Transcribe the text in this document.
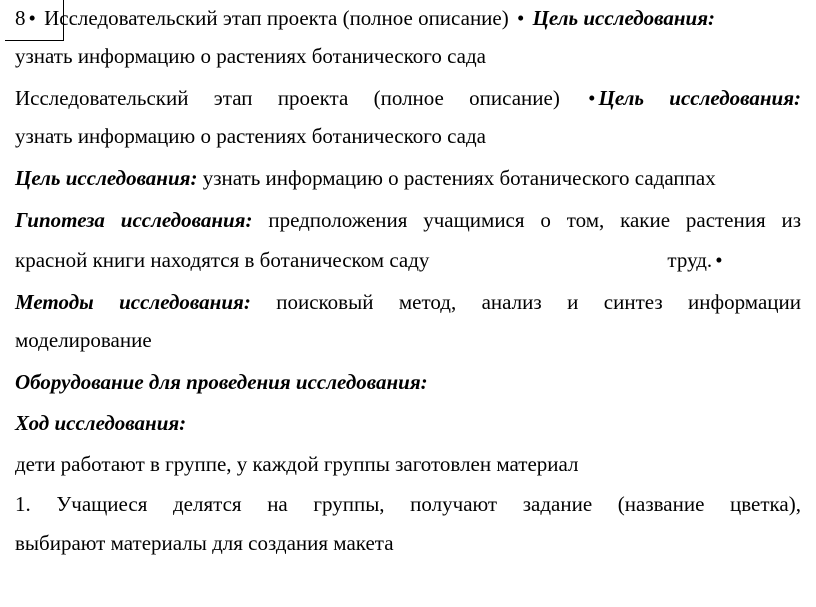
8 • Исследовательский этап проекта (полное описание) • Цель исследования:
узнать информацию о растениях ботанического сада
Исследовательский этап проекта (полное описание) • Цель исследования:
узнать информацию о растениях ботанического сада
Цель исследования: узнать информацию о растениях ботанического садаппах
Гипотеза исследования: предположения учащимися о том, какие растения из
красной книги находятся в ботаническом саду	труд. •
Методы исследования: поисковый метод, анализ и синтез информации
моделирование
Оборудование для проведения исследования:
Ход исследования:
дети работают в группе, у каждой группы заготовлен материал
1. Учащиеся делятся на группы, получают задание (название цветка),
выбирают материалы для создания макета
